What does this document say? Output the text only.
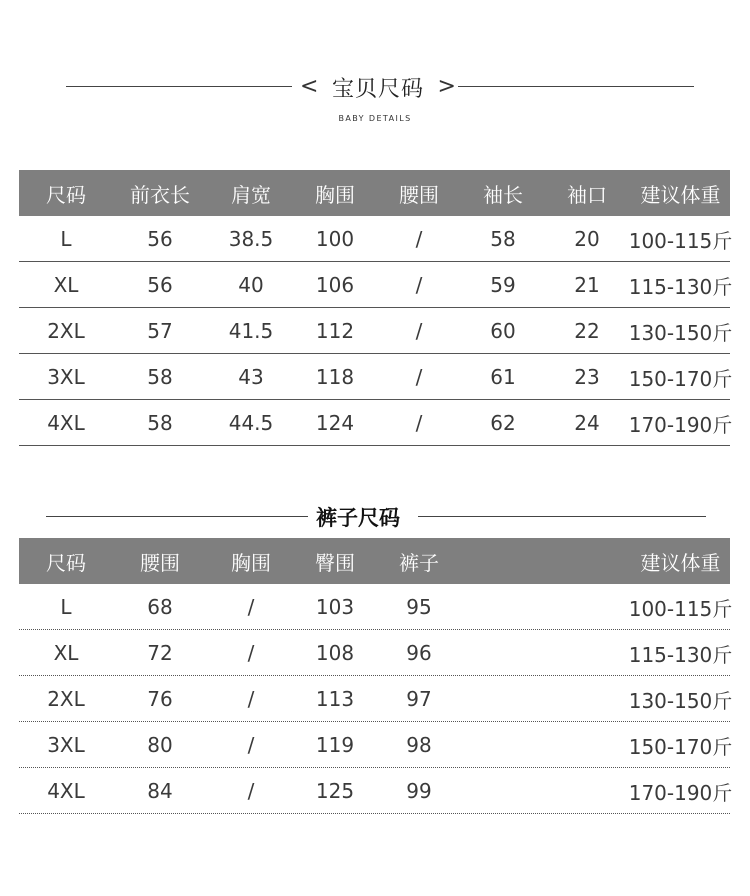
< 宝贝尺码 >
BABY DETAILS
尺码	前衣长	肩宽	胸围	腰围	袖长	袖口	建议体重
L	56	38.5	100	/	58	20	100-115斤
XL	56	40	106	/	59	21	115-130斤
2XL	57	41.5	112	/	60	22	130-150斤
3XL	58	43	118	/	61	23	150-170斤
4XL	58	44.5	124	/	62	24	170-190斤
裤子尺码
尺码	腰围	胸围	臀围	裤子	建议体重
L	68	/	103	95	100-115斤
XL	72	/	108	96	115-130斤
2XL	76	/	113	97	130-150斤
3XL	80	/	119	98	150-170斤
4XL	84	/	125	99	170-190斤
